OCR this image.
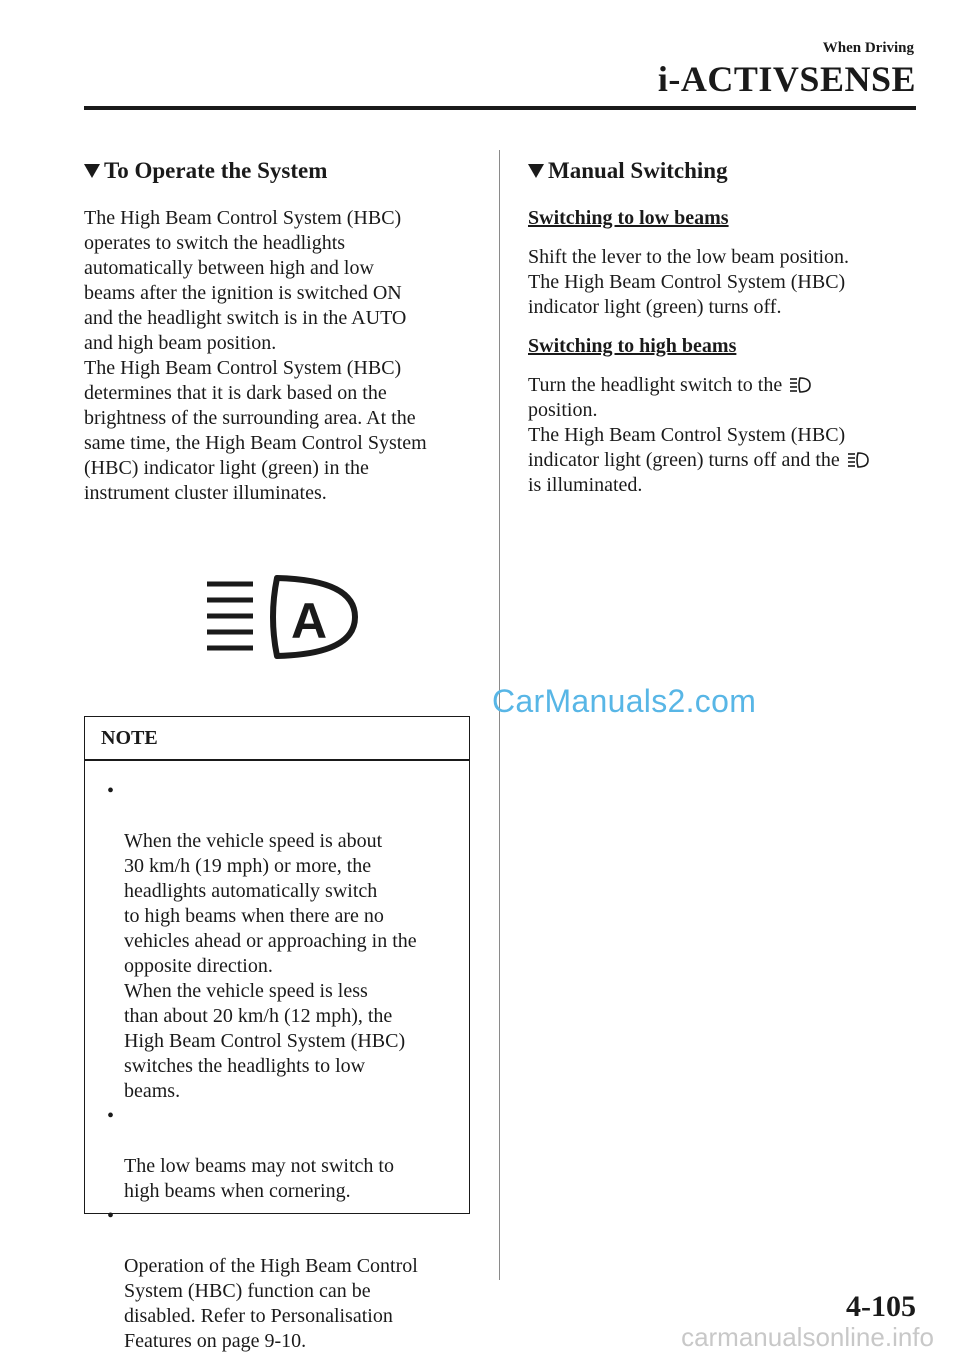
When Driving
i-ACTIVSENSE
To Operate the System

The High Beam Control System (HBC)
operates to switch the headlights
automatically between high and low
beams after the ignition is switched ON
and the headlight switch is in the AUTO
and high beam position.
The High Beam Control System (HBC)
determines that it is dark based on the
brightness of the surrounding area. At the
same time, the High Beam Control System
(HBC) indicator light (green) in the
instrument cluster illuminates.

A
NOTE

•

When the vehicle speed is about
30 km/h (19 mph) or more, the
headlights automatically switch
to high beams when there are no
vehicles ahead or approaching in the
opposite direction.
When the vehicle speed is less
than about 20 km/h (12 mph), the
High Beam Control System (HBC)
switches the headlights to low
beams.

•

The low beams may not switch to
high beams when cornering.

•

Operation of the High Beam Control
System (HBC) function can be
disabled. Refer to Personalisation
Features on page 9-10.

Manual Switching
Switching to low beams

Shift the lever to the low beam position.
The High Beam Control System (HBC)
indicator light (green) turns off.

Switching to high beams

Turn the headlight switch to the
position.
The High Beam Control System (HBC)
indicator light (green) turns off and the
is illuminated.

CarManuals2.com
4-105
carmanualsonline.info
